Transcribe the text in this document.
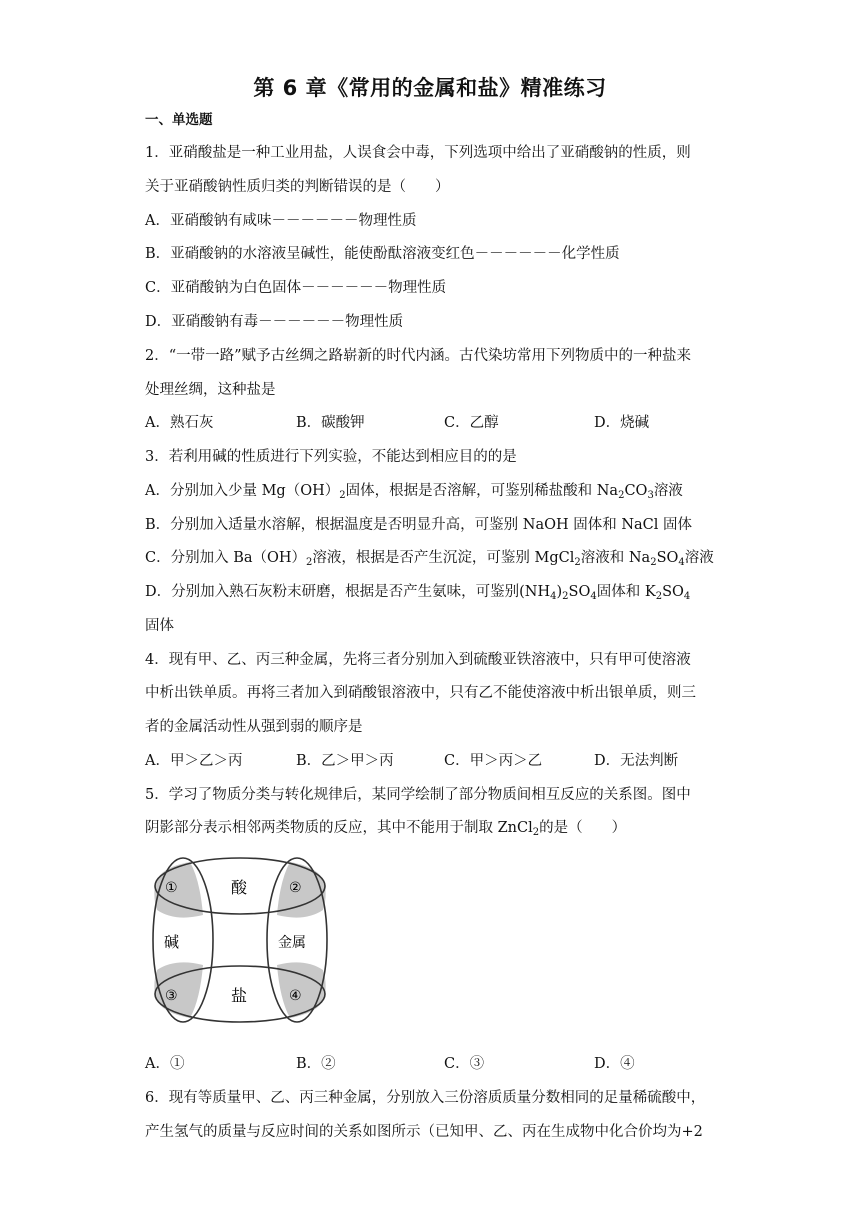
第 6 章《常用的金属和盐》精准练习
一、单选题
1．亚硝酸盐是一种工业用盐，人误食会中毒，下列选项中给出了亚硝酸钠的性质，则
关于亚硝酸钠性质归类的判断错误的是（　　）
A．亚硝酸钠有咸味－－－－－－物理性质
B．亚硝酸钠的水溶液呈碱性，能使酚酞溶液变红色－－－－－－化学性质
C．亚硝酸钠为白色固体－－－－－－物理性质
D．亚硝酸钠有毒－－－－－－物理性质
2．“一带一路”赋予古丝绸之路崭新的时代内涵。古代染坊常用下列物质中的一种盐来
处理丝绸，这种盐是
A．熟石灰	B．碳酸钾	C．乙醇	D．烧碱
3．若利用碱的性质进行下列实验，不能达到相应目的的是
A．分别加入少量 $Mg(OH)_2$固体，根据是否溶解，可鉴别稀盐酸和 $Na_2CO_3$溶液
B．分别加入适量水溶解，根据温度是否明显升高，可鉴别 NaOH 固体和 NaCl 固体
C．分别加入 $Ba(OH)_2$溶液，根据是否产生沉淀，可鉴别 MgCl$_2$溶液和 $Na_2SO_4$溶液
D．分别加入熟石灰粉末研磨，根据是否产生氨味，可鉴别$(NH_4)_2SO_4$固体和 $K_2SO_4$
固体
4．现有甲、乙、丙三种金属，先将三者分别加入到硫酸亚铁溶液中，只有甲可使溶液
中析出铁单质。再将三者加入到硝酸银溶液中，只有乙不能使溶液中析出银单质，则三
者的金属活动性从强到弱的顺序是
A．甲＞乙＞丙	B．乙＞甲＞丙	C．甲＞丙＞乙	D．无法判断
5．学习了物质分类与转化规律后，某同学绘制了部分物质间相互反应的关系图。图中
阴影部分表示相邻两类物质的反应，其中不能用于制取 ZnCl$_2$的是（　　）
酸
碱	金属
盐
①	②
③	④
A．①	B．②	C．③	D．④
6．现有等质量甲、乙、丙三种金属，分别放入三份溶质质量分数相同的足量稀硫酸中，
产生氢气的质量与反应时间的关系如图所示（已知甲、乙、丙在生成物中化合价均为+2
